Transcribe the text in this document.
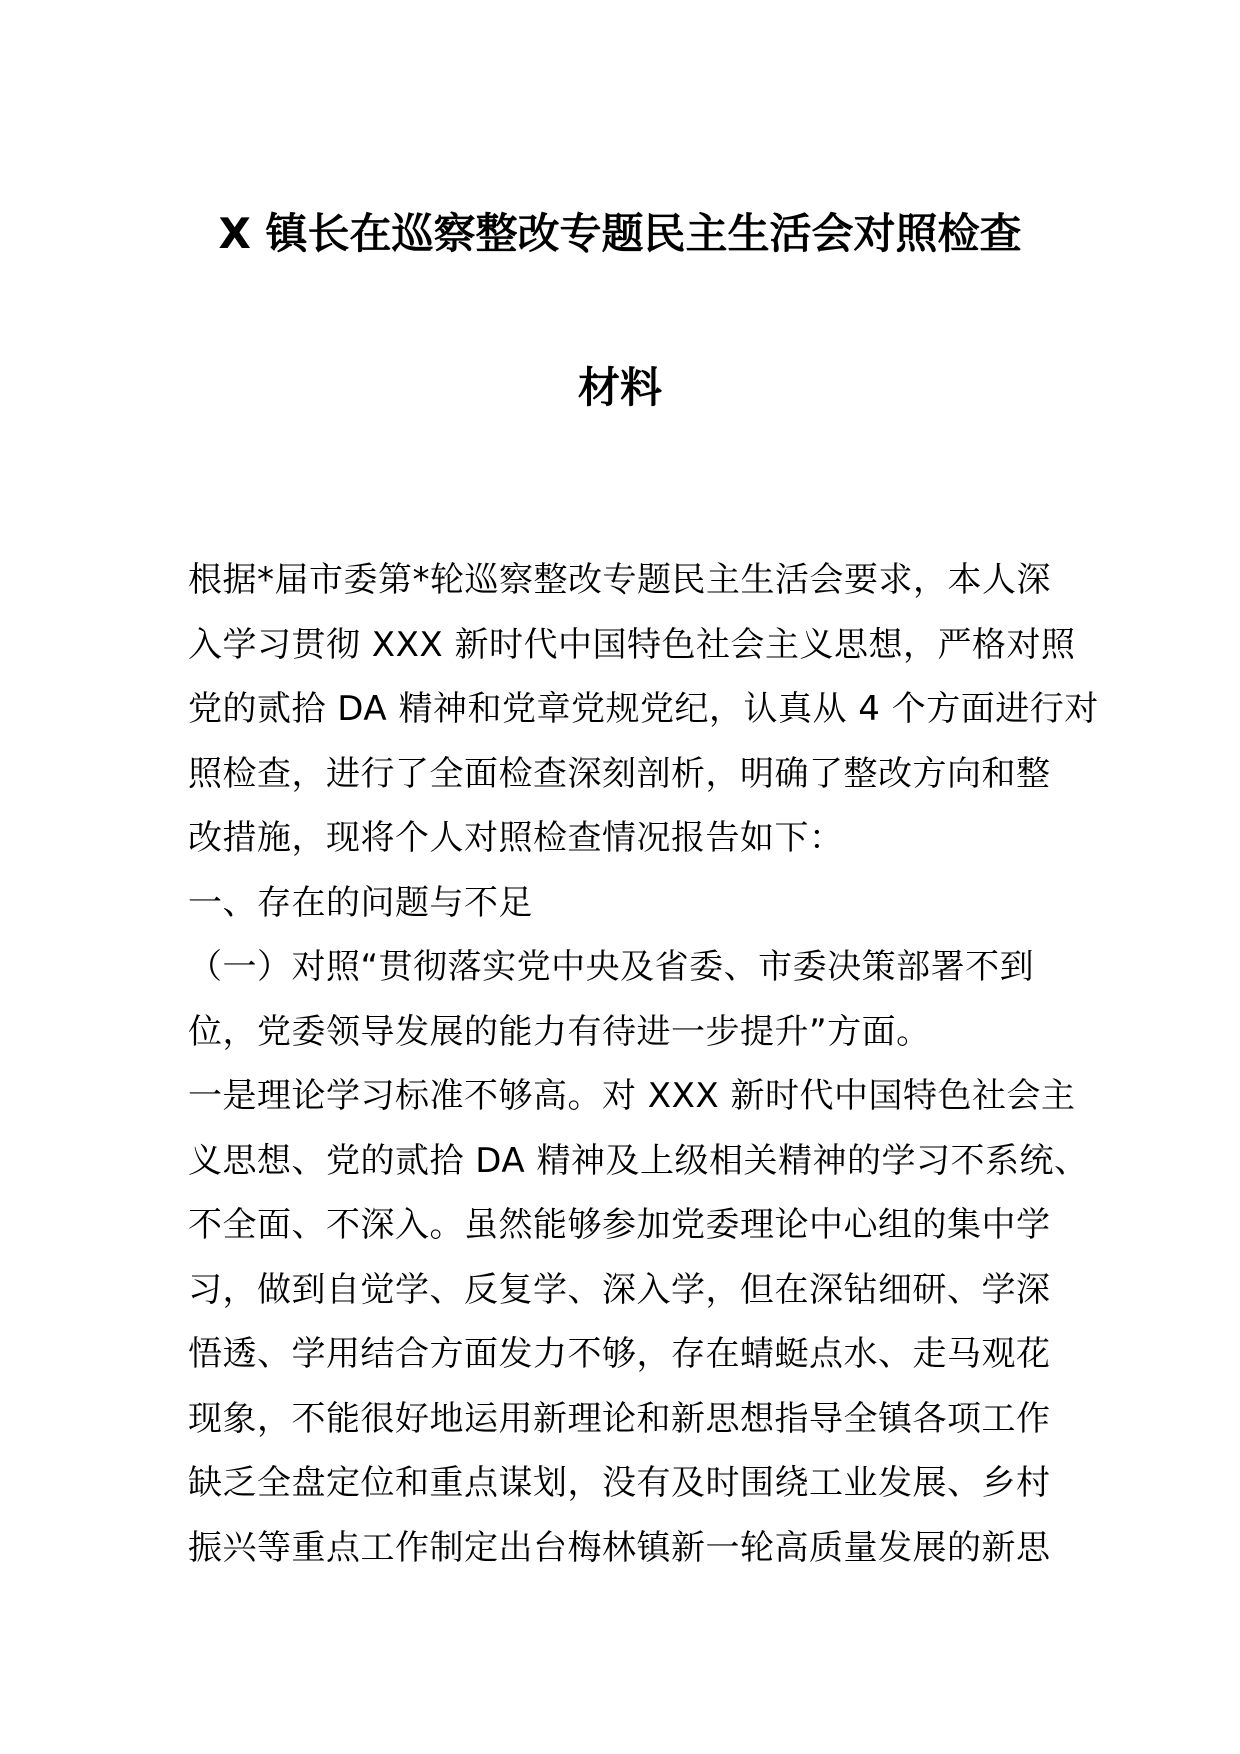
X 镇长在巡察整改专题民主生活会对照检查
材料
根据*届市委第*轮巡察整改专题民主生活会要求，本人深
入学习贯彻 XXX 新时代中国特色社会主义思想，严格对照
党的贰拾 DA 精神和党章党规党纪，认真从 4 个方面进行对
照检查，进行了全面检查深刻剖析，明确了整改方向和整
改措施，现将个人对照检查情况报告如下：
一、存在的问题与不足
（一）对照“贯彻落实党中央及省委、市委决策部署不到
位，党委领导发展的能力有待进一步提升”方面。
一是理论学习标准不够高。对 XXX 新时代中国特色社会主
义思想、党的贰拾 DA 精神及上级相关精神的学习不系统、
不全面、不深入。虽然能够参加党委理论中心组的集中学
习，做到自觉学、反复学、深入学，但在深钻细研、学深
悟透、学用结合方面发力不够，存在蜻蜓点水、走马观花
现象，不能很好地运用新理论和新思想指导全镇各项工作
缺乏全盘定位和重点谋划，没有及时围绕工业发展、乡村
振兴等重点工作制定出台梅林镇新一轮高质量发展的新思
